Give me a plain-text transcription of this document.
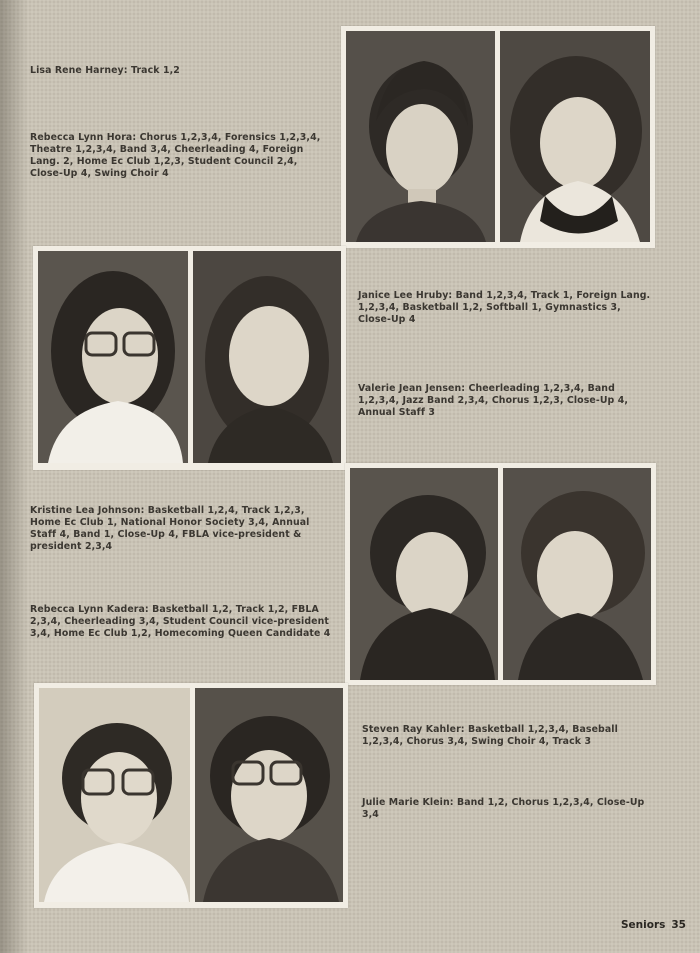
Lisa Rene Harney: Track 1,2
Rebecca Lynn Hora: Chorus 1,2,3,4, Forensics 1,2,3,4, Theatre 1,2,3,4, Band 3,4, Cheerleading 4, Foreign Lang. 2, Home Ec Club 1,2,3, Student Council 2,4, Close-Up 4, Swing Choir 4
Janice Lee Hruby: Band 1,2,3,4, Track 1, Foreign Lang. 1,2,3,4, Basketball 1,2, Softball 1, Gymnastics 3, Close-Up 4
Valerie Jean Jensen: Cheerleading 1,2,3,4, Band 1,2,3,4, Jazz Band 2,3,4, Chorus 1,2,3, Close-Up 4, Annual Staff 3
Kristine Lea Johnson: Basketball 1,2,4, Track 1,2,3, Home Ec Club 1, National Honor Society 3,4, Annual Staff 4, Band 1, Close-Up 4, FBLA vice-president & president 2,3,4
Rebecca Lynn Kadera: Basketball 1,2, Track 1,2, FBLA 2,3,4, Cheerleading 3,4, Student Council vice-president 3,4, Home Ec Club 1,2, Homecoming Queen Candidate 4
Steven Ray Kahler: Basketball 1,2,3,4, Baseball 1,2,3,4, Chorus 3,4, Swing Choir 4, Track 3
Julie Marie Klein: Band 1,2, Chorus 1,2,3,4, Close-Up 3,4
Seniors 35
